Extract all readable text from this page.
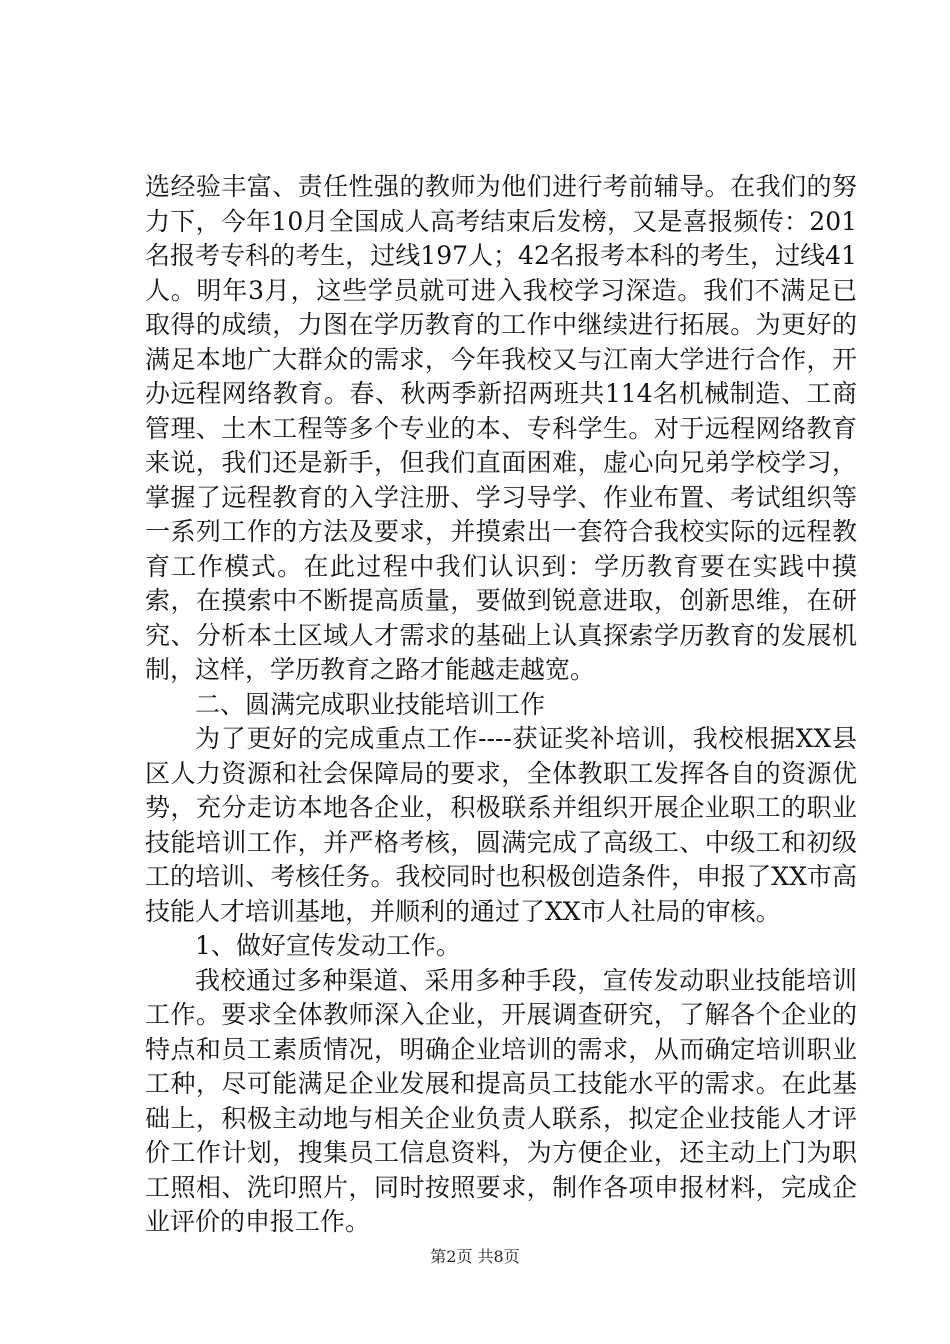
选经验丰富、责任性强的教师为他们进行考前辅导。在我们的努力下，今年10月全国成人高考结束后发榜，又是喜报频传：201名报考专科的考生，过线197人；42名报考本科的考生，过线41人。明年3月，这些学员就可进入我校学习深造。我们不满足已取得的成绩，力图在学历教育的工作中继续进行拓展。为更好的满足本地广大群众的需求，今年我校又与江南大学进行合作，开办远程网络教育。春、秋两季新招两班共114名机械制造、工商管理、土木工程等多个专业的本、专科学生。对于远程网络教育来说，我们还是新手，但我们直面困难，虚心向兄弟学校学习，掌握了远程教育的入学注册、学习导学、作业布置、考试组织等一系列工作的方法及要求，并摸索出一套符合我校实际的远程教育工作模式。在此过程中我们认识到：学历教育要在实践中摸索，在摸索中不断提高质量，要做到锐意进取，创新思维，在研究、分析本土区域人才需求的基础上认真探索学历教育的发展机制，这样，学历教育之路才能越走越宽。

二、圆满完成职业技能培训工作

为了更好的完成重点工作----获证奖补培训，我校根据XX县区人力资源和社会保障局的要求，全体教职工发挥各自的资源优势，充分走访本地各企业，积极联系并组织开展企业职工的职业技能培训工作，并严格考核，圆满完成了高级工、中级工和初级工的培训、考核任务。我校同时也积极创造条件，申报了XX市高技能人才培训基地，并顺利的通过了XX市人社局的审核。

1、做好宣传发动工作。

我校通过多种渠道、采用多种手段，宣传发动职业技能培训工作。要求全体教师深入企业，开展调查研究，了解各个企业的特点和员工素质情况，明确企业培训的需求，从而确定培训职业工种，尽可能满足企业发展和提高员工技能水平的需求。在此基础上，积极主动地与相关企业负责人联系，拟定企业技能人才评价工作计划，搜集员工信息资料，为方便企业，还主动上门为职工照相、洗印照片，同时按照要求，制作各项申报材料，完成企业评价的申报工作。

第2页 共8页
